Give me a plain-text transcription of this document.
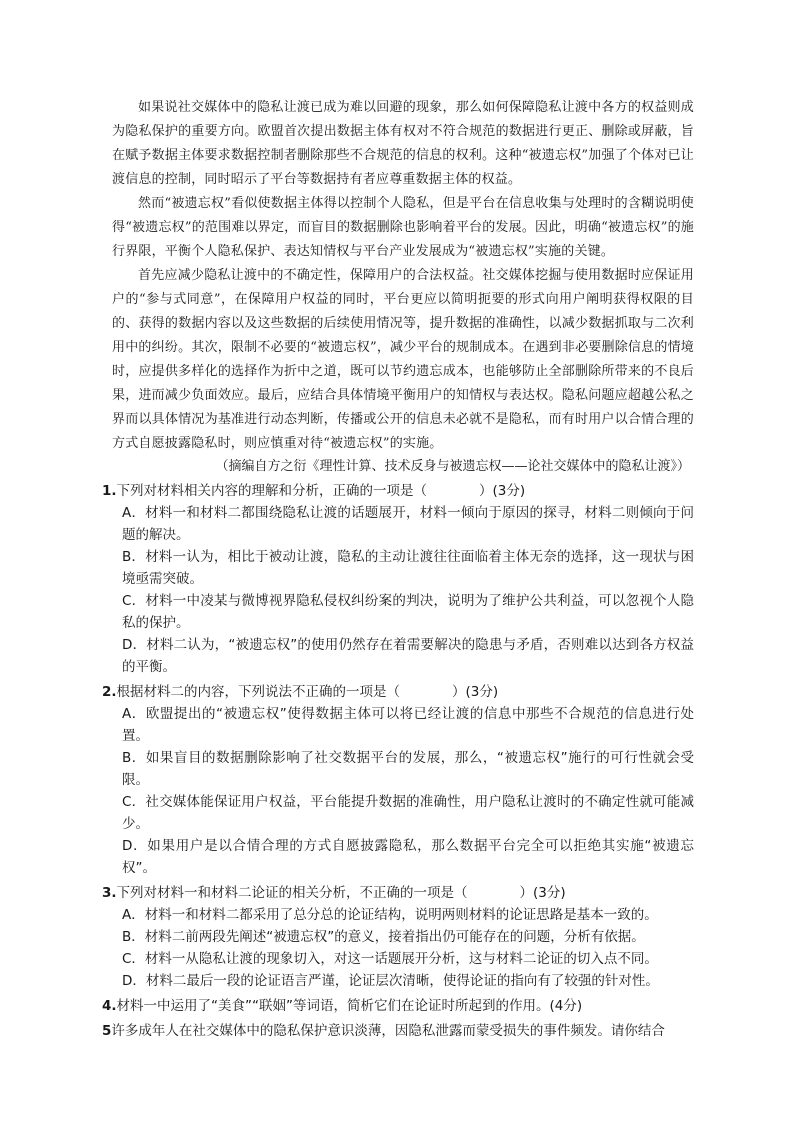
如果说社交媒体中的隐私让渡已成为难以回避的现象，那么如何保障隐私让渡中各方的权益则成为隐私保护的重要方向。欧盟首次提出数据主体有权对不符合规范的数据进行更正、删除或屏蔽，旨在赋予数据主体要求数据控制者删除那些不合规范的信息的权利。这种“被遗忘权”加强了个体对已让渡信息的控制，同时昭示了平台等数据持有者应尊重数据主体的权益。

然而“被遗忘权”看似使数据主体得以控制个人隐私，但是平台在信息收集与处理时的含糊说明使得“被遗忘权”的范围难以界定，而盲目的数据删除也影响着平台的发展。因此，明确“被遗忘权”的施行界限，平衡个人隐私保护、表达知情权与平台产业发展成为“被遗忘权”实施的关键。

首先应减少隐私让渡中的不确定性，保障用户的合法权益。社交媒体挖掘与使用数据时应保证用户的“参与式同意”，在保障用户权益的同时，平台更应以简明扼要的形式向用户阐明获得权限的目的、获得的数据内容以及这些数据的后续使用情况等，提升数据的准确性，以减少数据抓取与二次利用中的纠纷。其次，限制不必要的“被遗忘权”，减少平台的规制成本。在遇到非必要删除信息的情境时，应提供多样化的选择作为折中之道，既可以节约遗忘成本，也能够防止全部删除所带来的不良后果，进而减少负面效应。最后，应结合具体情境平衡用户的知情权与表达权。隐私问题应超越公私之界而以具体情况为基准进行动态判断，传播或公开的信息未必就不是隐私，而有时用户以合情合理的方式自愿披露隐私时，则应慎重对待“被遗忘权”的实施。

（摘编自方之衍《理性计算、技术反身与被遗忘权——论社交媒体中的隐私让渡》）

1.下列对材料相关内容的理解和分析，正确的一项是（	）(3分)

A．材料一和材料二都围绕隐私让渡的话题展开，材料一倾向于原因的探寻，材料二则倾向于问题的解决。

B．材料一认为，相比于被动让渡，隐私的主动让渡往往面临着主体无奈的选择，这一现状与困境亟需突破。

C．材料一中凌某与微博视界隐私侵权纠纷案的判决，说明为了维护公共利益，可以忽视个人隐私的保护。

D．材料二认为，“被遗忘权”的使用仍然存在着需要解决的隐患与矛盾，否则难以达到各方权益的平衡。

2.根据材料二的内容，下列说法不正确的一项是（	）(3分)

A．欧盟提出的“被遗忘权”使得数据主体可以将已经让渡的信息中那些不合规范的信息进行处置。

B．如果盲目的数据删除影响了社交数据平台的发展，那么，“被遗忘权”施行的可行性就会受限。

C．社交媒体能保证用户权益，平台能提升数据的准确性，用户隐私让渡时的不确定性就可能减少。

D．如果用户是以合情合理的方式自愿披露隐私，那么数据平台完全可以拒绝其实施“被遗忘权”。

3.下列对材料一和材料二论证的相关分析，不正确的一项是（	）(3分)

A．材料一和材料二都采用了总分总的论证结构，说明两则材料的论证思路是基本一致的。

B．材料二前两段先阐述“被遗忘权”的意义，接着指出仍可能存在的问题，分析有依据。

C．材料一从隐私让渡的现象切入，对这一话题展开分析，这与材料二论证的切入点不同。

D．材料二最后一段的论证语言严谨，论证层次清晰，使得论证的指向有了较强的针对性。

4.材料一中运用了“美食”“联姻”等词语，简析它们在论证时所起到的作用。(4分)

5许多成年人在社交媒体中的隐私保护意识淡薄，因隐私泄露而蒙受损失的事件频发。请你结合
